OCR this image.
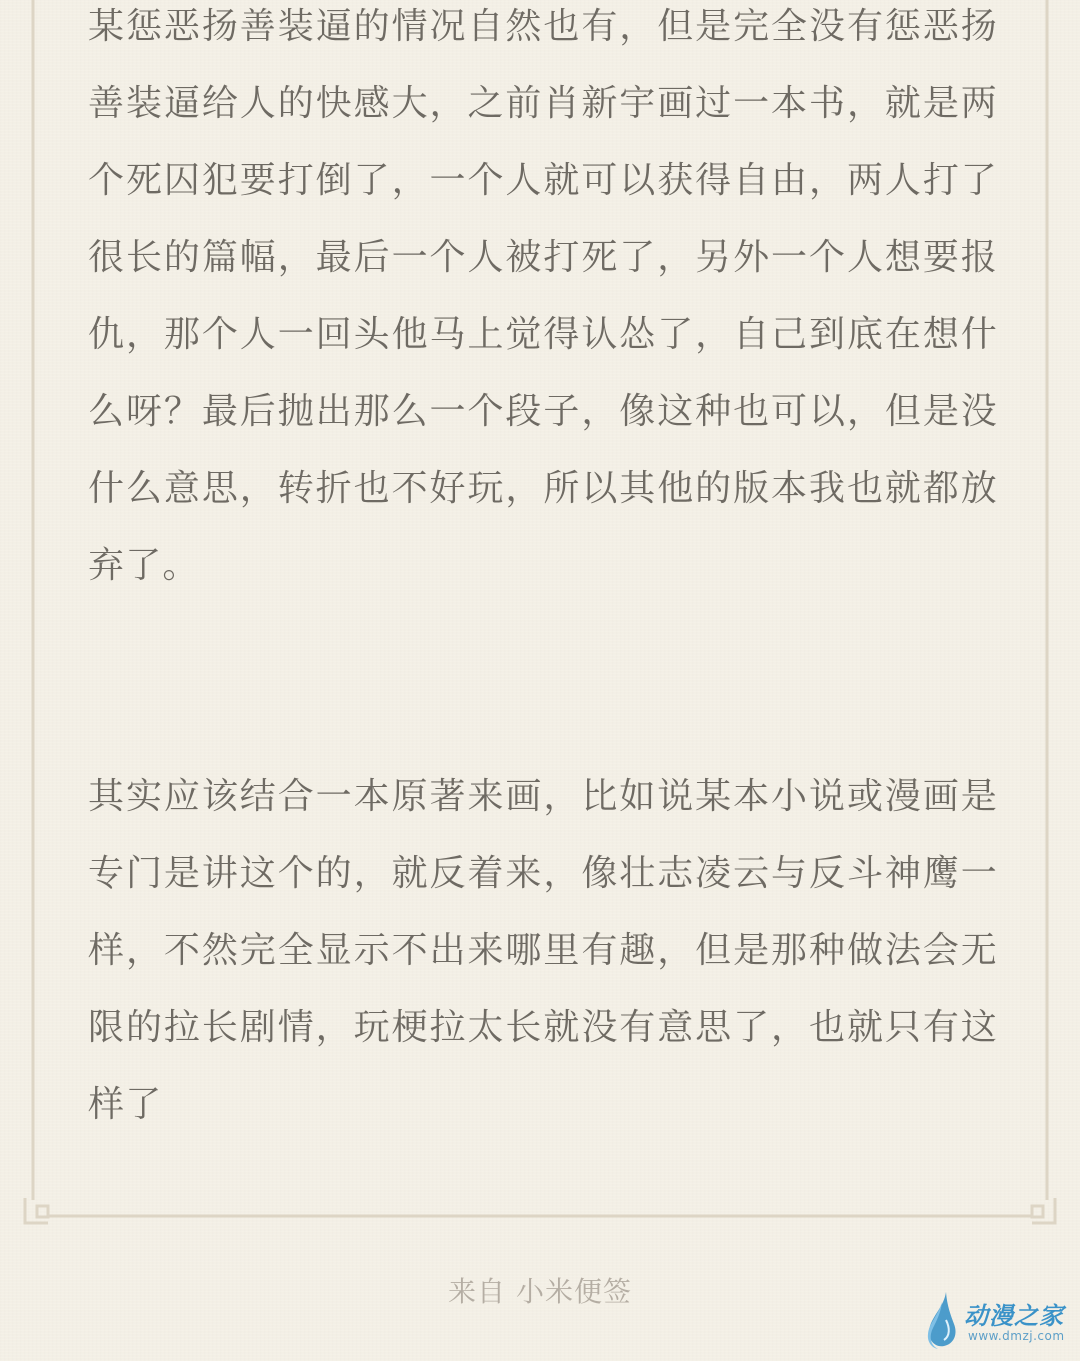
某惩恶扬善装逼的情况自然也有，但是完全没有惩恶扬善装逼给人的快感大，之前肖新宇画过一本书，就是两个死囚犯要打倒了，一个人就可以获得自由，两人打了很长的篇幅，最后一个人被打死了，另外一个人想要报仇，那个人一回头他马上觉得认怂了，自己到底在想什么呀？最后抛出那么一个段子，像这种也可以，但是没什么意思，转折也不好玩，所以其他的版本我也就都放弃了。

其实应该结合一本原著来画，比如说某本小说或漫画是专门是讲这个的，就反着来，像壮志凌云与反斗神鹰一样，不然完全显示不出来哪里有趣，但是那种做法会无限的拉长剧情，玩梗拉太长就没有意思了，也就只有这样了

来自 小米便签
动漫之家
www.dmzj.com
